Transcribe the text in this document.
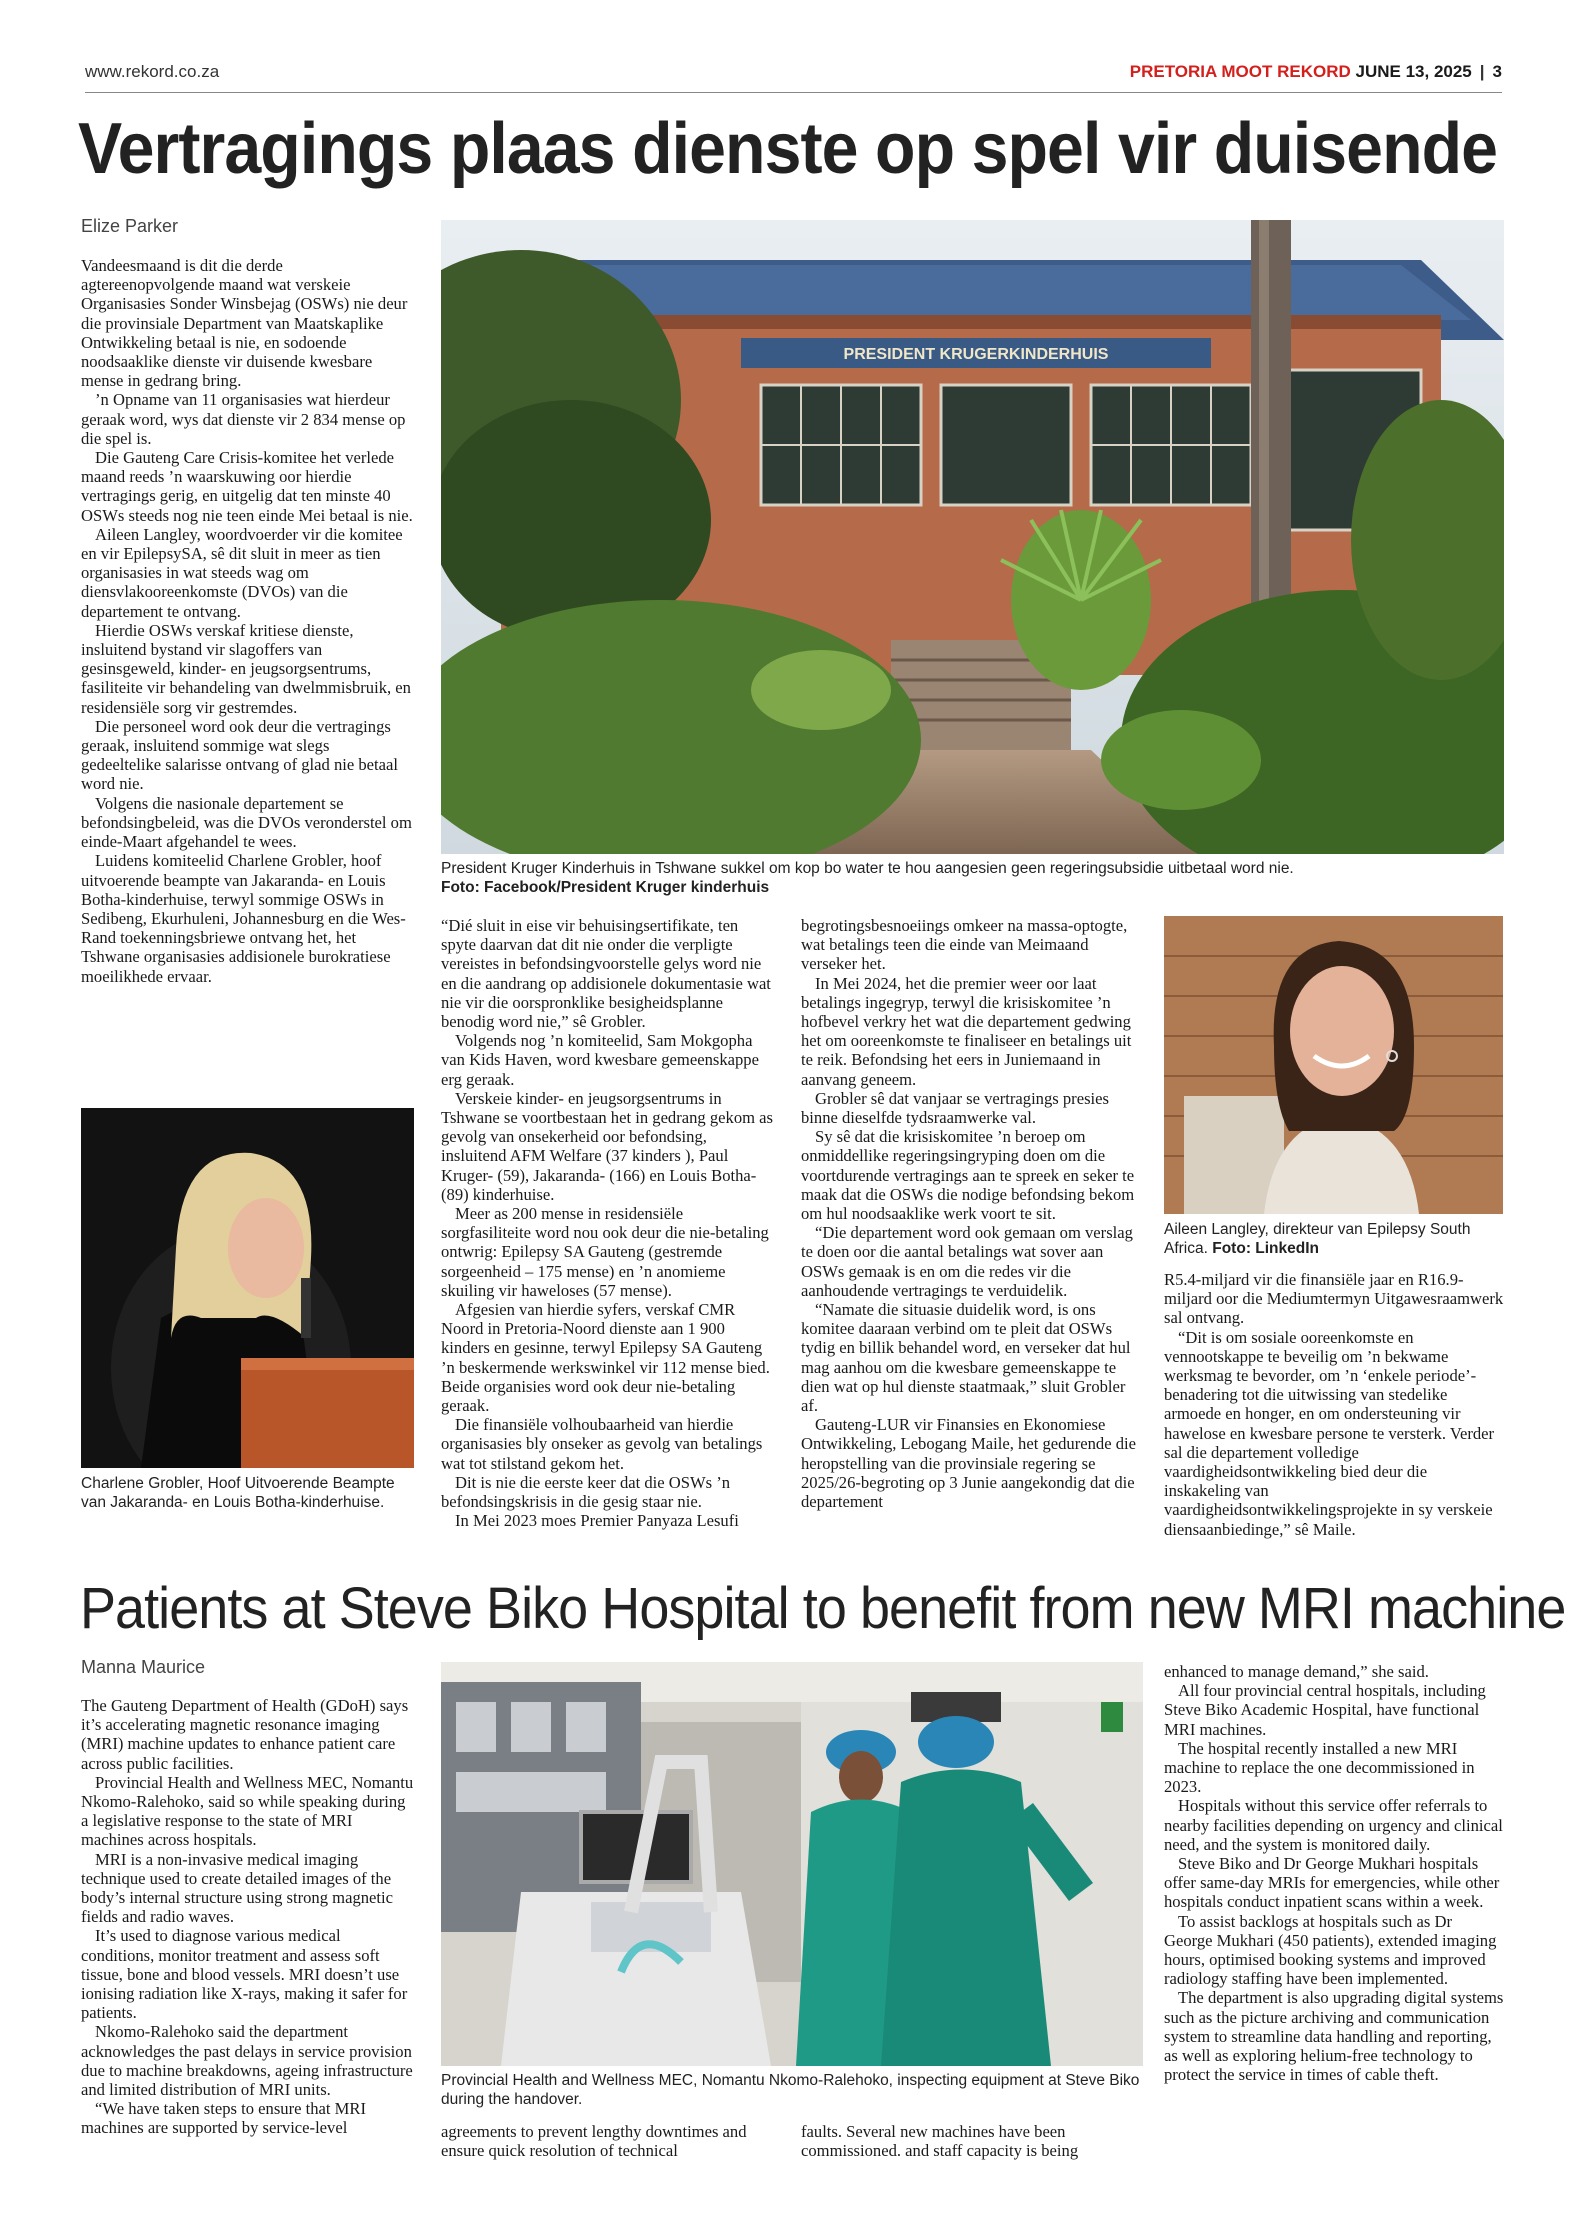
www.rekord.co.za	PRETORIA MOOT REKORD JUNE 13, 2025 | 3
Vertragings plaas dienste op spel vir duisende
Elize Parker

Vandeesmaand is dit die derde agtereenopvolgende maand wat verskeie Organisasies Sonder Winsbejag (OSWs) nie deur die provinsiale Department van Maatskaplike Ontwikkeling betaal is nie, en sodoende noodsaaklike dienste vir duisende kwesbare mense in gedrang bring.

’n Opname van 11 organisasies wat hierdeur geraak word, wys dat dienste vir 2 834 mense op die spel is.

Die Gauteng Care Crisis-komitee het verlede maand reeds ’n waarskuwing oor hierdie vertragings gerig, en uitgelig dat ten minste 40 OSWs steeds nog nie teen einde Mei betaal is nie.

Aileen Langley, woordvoerder vir die komitee en vir EpilepsySA, sê dit sluit in meer as tien organisasies in wat steeds wag om diensvlakooreenkomste (DVOs) van die departement te ontvang.

Hierdie OSWs verskaf kritiese dienste, insluitend bystand vir slagoffers van gesinsgeweld, kinder- en jeugsorgsentrums, fasiliteite vir behandeling van dwelmmisbruik, en residensiële sorg vir gestremdes.

Die personeel word ook deur die vertragings geraak, insluitend sommige wat slegs gedeeltelike salarisse ontvang of glad nie betaal word nie.

Volgens die nasionale departement se befondsingbeleid, was die DVOs veronderstel om einde-Maart afgehandel te wees.

Luidens komiteelid Charlene Grobler, hoof uitvoerende beampte van Jakaranda- en Louis Botha-kinderhuise, terwyl sommige OSWs in Sedibeng, Ekurhuleni, Johannesburg en die Wes-Rand toekenningsbriewe ontvang het, het Tshwane organisasies addisionele burokratiese moeilikhede ervaar.

PRESIDENT KRUGERKINDERHUIS
President Kruger Kinderhuis in Tshwane sukkel om kop bo water te hou aangesien geen regeringsubsidie uitbetaal word nie.
Foto: Facebook/President Kruger kinderhuis
Charlene Grobler, Hoof Uitvoerende Beampte van Jakaranda- en Louis Botha-kinderhuise.

“Dié sluit in eise vir behuisingsertifikate, ten spyte daarvan dat dit nie onder die verpligte vereistes in befondsingvoorstelle gelys word nie en die aandrang op addisionele dokumentasie wat nie vir die oorspronklike besigheidsplanne benodig word nie,” sê Grobler.

Volgends nog ’n komiteelid, Sam Mokgopha van Kids Haven, word kwesbare gemeenskappe erg geraak.

Verskeie kinder- en jeugsorgsentrums in Tshwane se voortbestaan het in gedrang gekom as gevolg van onsekerheid oor befondsing, insluitend AFM Welfare (37 kinders ), Paul Kruger- (59), Jakaranda- (166) en Louis Botha- (89) kinderhuise.

Meer as 200 mense in residensiële sorgfasiliteite word nou ook deur die nie-betaling ontwrig: Epilepsy SA Gauteng (gestremde sorgeenheid – 175 mense) en ’n anomieme skuiling vir haweloses (57 mense).

Afgesien van hierdie syfers, verskaf CMR Noord in Pretoria-Noord dienste aan 1 900 kinders en gesinne, terwyl Epilepsy SA Gauteng ’n beskermende werkswinkel vir 112 mense bied. Beide organisies word ook deur nie-betaling geraak.

Die finansiële volhoubaarheid van hierdie organisasies bly onseker as gevolg van betalings wat tot stilstand gekom het.

Dit is nie die eerste keer dat die OSWs ’n befondsingskrisis in die gesig staar nie.

In Mei 2023 moes Premier Panyaza Lesufi

begrotingsbesnoeiings omkeer na massa-optogte, wat betalings teen die einde van Meimaand verseker het.

In Mei 2024, het die premier weer oor laat betalings ingegryp, terwyl die krisiskomitee ’n hofbevel verkry het wat die departement gedwing het om ooreenkomste te finaliseer en betalings uit te reik. Befondsing het eers in Juniemaand in aanvang geneem.

Grobler sê dat vanjaar se vertragings presies binne dieselfde tydsraamwerke val.

Sy sê dat die krisiskomitee ’n beroep om onmiddellike regeringsingryping doen om die voortdurende vertragings aan te spreek en seker te maak dat die OSWs die nodige befondsing bekom om hul noodsaaklike werk voort te sit.

“Die departement word ook gemaan om verslag te doen oor die aantal betalings wat sover aan OSWs gemaak is en om die redes vir die aanhoudende vertragings te verduidelik.

“Namate die situasie duidelik word, is ons komitee daaraan verbind om te pleit dat OSWs tydig en billik behandel word, en verseker dat hul mag aanhou om die kwesbare gemeenskappe te dien wat op hul dienste staatmaak,” sluit Grobler af.

Gauteng-LUR vir Finansies en Ekonomiese Ontwikkeling, Lebogang Maile, het gedurende die heropstelling van die provinsiale regering se 2025/26-begroting op 3 Junie aangekondig dat die departement

Aileen Langley, direkteur van Epilepsy South Africa. Foto: LinkedIn

R5.4-miljard vir die finansiële jaar en R16.9-miljard oor die Mediumtermyn Uitgawesraamwerk sal ontvang.

“Dit is om sosiale ooreenkomste en vennootskappe te beveilig om ’n bekwame werksmag te bevorder, om ’n ‘enkele periode’-benadering tot die uitwissing van stedelike armoede en honger, en om ondersteuning vir hawelose en kwesbare persone te versterk. Verder sal die departement volledige vaardigheidsontwikkeling bied deur die inskakeling van vaardigheidsontwikkelingsprojekte in sy verskeie diensaanbiedinge,” sê Maile.

Patients at Steve Biko Hospital to benefit from new MRI machine
Manna Maurice

The Gauteng Department of Health (GDoH) says it’s accelerating magnetic resonance imaging (MRI) machine updates to enhance patient care across public facilities.

Provincial Health and Wellness MEC, Nomantu Nkomo-Ralehoko, said so while speaking during a legislative response to the state of MRI machines across hospitals.

MRI is a non-invasive medical imaging technique used to create detailed images of the body’s internal structure using strong magnetic fields and radio waves.

It’s used to diagnose various medical conditions, monitor treatment and assess soft tissue, bone and blood vessels. MRI doesn’t use ionising radiation like X-rays, making it safer for patients.

Nkomo-Ralehoko said the department acknowledges the past delays in service provision due to machine breakdowns, ageing infrastructure and limited distribution of MRI units.

“We have taken steps to ensure that MRI machines are supported by service-level

Provincial Health and Wellness MEC, Nomantu Nkomo-Ralehoko, inspecting equipment at Steve Biko during the handover.

agreements to prevent lengthy downtimes and ensure quick resolution of technical

faults. Several new machines have been commissioned. and staff capacity is being

enhanced to manage demand,” she said.

All four provincial central hospitals, including Steve Biko Academic Hospital, have functional MRI machines.

The hospital recently installed a new MRI machine to replace the one decommissioned in 2023.

Hospitals without this service offer referrals to nearby facilities depending on urgency and clinical need, and the system is monitored daily.

Steve Biko and Dr George Mukhari hospitals offer same-day MRIs for emergencies, while other hospitals conduct inpatient scans within a week.

To assist backlogs at hospitals such as Dr George Mukhari (450 patients), extended imaging hours, optimised booking systems and improved radiology staffing have been implemented.

The department is also upgrading digital systems such as the picture archiving and communication system to streamline data handling and reporting, as well as exploring helium-free technology to protect the service in times of cable theft.
